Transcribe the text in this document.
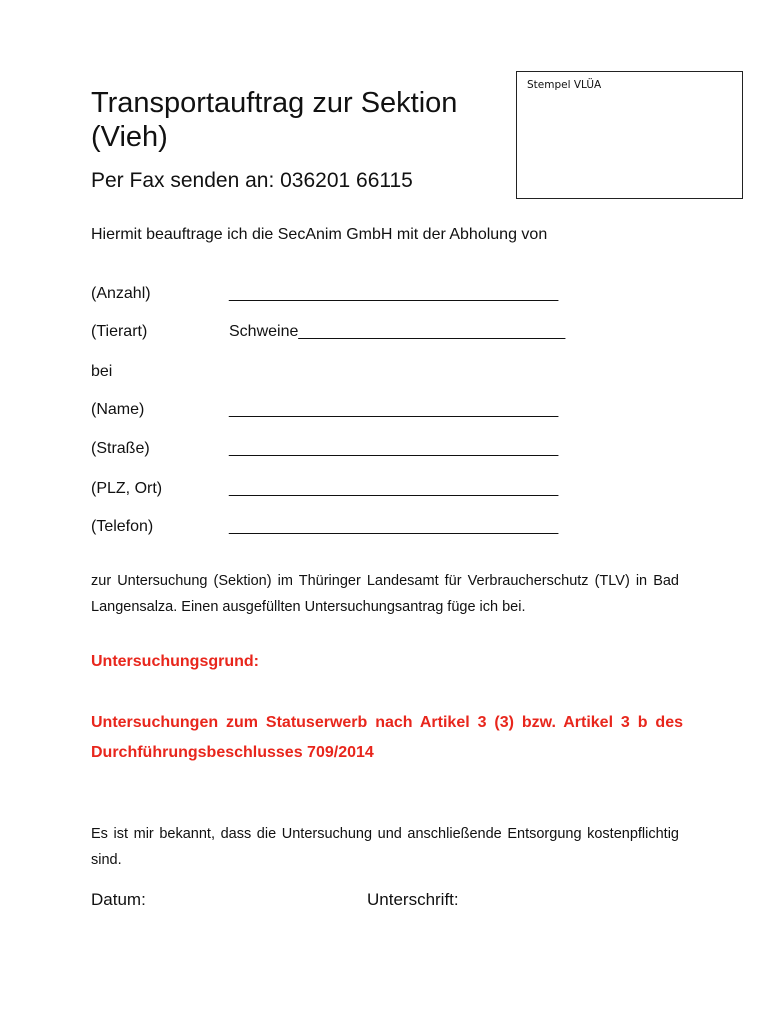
Stempel VLÜA
Transportauftrag zur Sektion (Vieh)
Per Fax senden an: 036201 66115
Hiermit beauftrage ich die SecAnim GmbH mit der Abholung von
(Anzahl)	_____________________________________
(Tierart)	Schweine______________________________
bei
(Name)	_____________________________________
(Straße)	_____________________________________
(PLZ, Ort)	_____________________________________
(Telefon)	_____________________________________
zur Untersuchung (Sektion) im Thüringer Landesamt für Verbraucherschutz (TLV) in Bad Langensalza. Einen ausgefüllten Untersuchungsantrag füge ich bei.
Untersuchungsgrund:
Untersuchungen zum Statuserwerb nach Artikel 3 (3) bzw. Artikel 3 b des Durchführungsbeschlusses 709/2014
Es ist mir bekannt, dass die Untersuchung und anschließende Entsorgung kostenpflichtig sind.
Datum:	Unterschrift:
